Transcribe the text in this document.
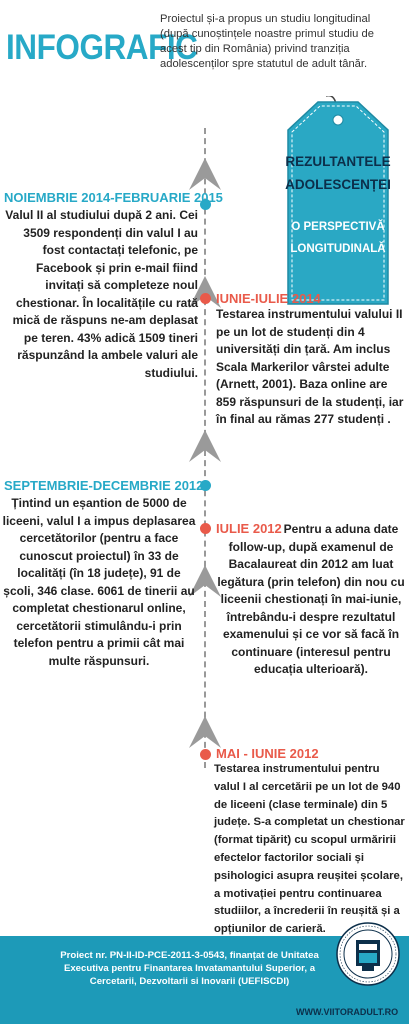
INFOGRAFIC
Proiectul și-a propus un studiu longitudinal (după cunoștințele noastre primul studiu de acest tip din România) privind tranziția adolescenților spre statutul de adult tânăr.
REZULTANTELE
ADOLESCENȚEI
O PERSPECTIVĂ
LONGITUDINALĂ
NOIEMBRIE 2014-FEBRUARIE 2015
Valul II al studiului după 2 ani. Cei 3509 respondenți din valul I au fost contactați telefonic, pe Facebook și prin e-mail fiind invitați să completeze noul chestionar. În localitățile cu rată mică de răspuns ne-am deplasat pe teren. 43% adică 1509 tineri răspunzând la ambele valuri ale studiului.
IUNIE-IULIE 2014
Testarea instrumentului valului II pe un lot de studenți din 4 universități din țară. Am inclus Scala Markerilor vârstei adulte (Arnett, 2001). Baza online are 859 răspunsuri de la studenți, iar în final au rămas 277 studenți .
SEPTEMBRIE-DECEMBRIE 2012
Țintind un eșantion de 5000 de liceeni, valul I a impus deplasarea cercetătorilor (pentru a face cunoscut proiectul) în 33 de localități (în 18 județe), 91 de școli, 346 clase. 6061 de tinerii au completat chestionarul online, cercetătorii stimulându-i prin telefon pentru a primii cât mai multe răspunsuri.
IULIE 2012 Pentru a aduna date follow-up, după examenul de Bacalaureat din 2012 am luat legătura (prin telefon) din nou cu liceenii chestionați în mai-iunie, întrebându-i despre rezultatul examenului și ce vor să facă în continuare (interesul pentru educația ulterioară).
MAI - IUNIE 2012
Testarea instrumentului pentru valul I al cercetării pe un lot de 940 de liceeni (clase terminale) din 5 județe. S-a completat un chestionar (format tipărit) cu scopul urmăririi efectelor factorilor sociali și psihologici asupra reușitei școlare, a motivației pentru continuarea studiilor, a încrederii în reușită și a opțiunilor de carieră.
Proiect nr. PN-II-ID-PCE-2011-3-0543, finanțat de Unitatea Executiva pentru Finantarea Invatamantului Superior, a Cercetarii, Dezvoltarii si Inovarii (UEFISCDI)
WWW.VIITORADULT.RO
